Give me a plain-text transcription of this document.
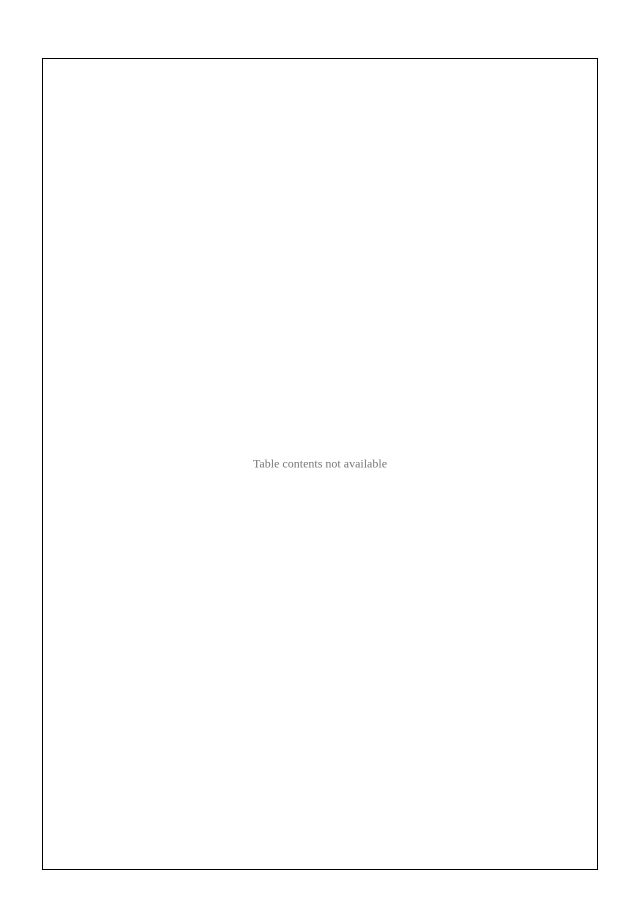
Table contents not available
